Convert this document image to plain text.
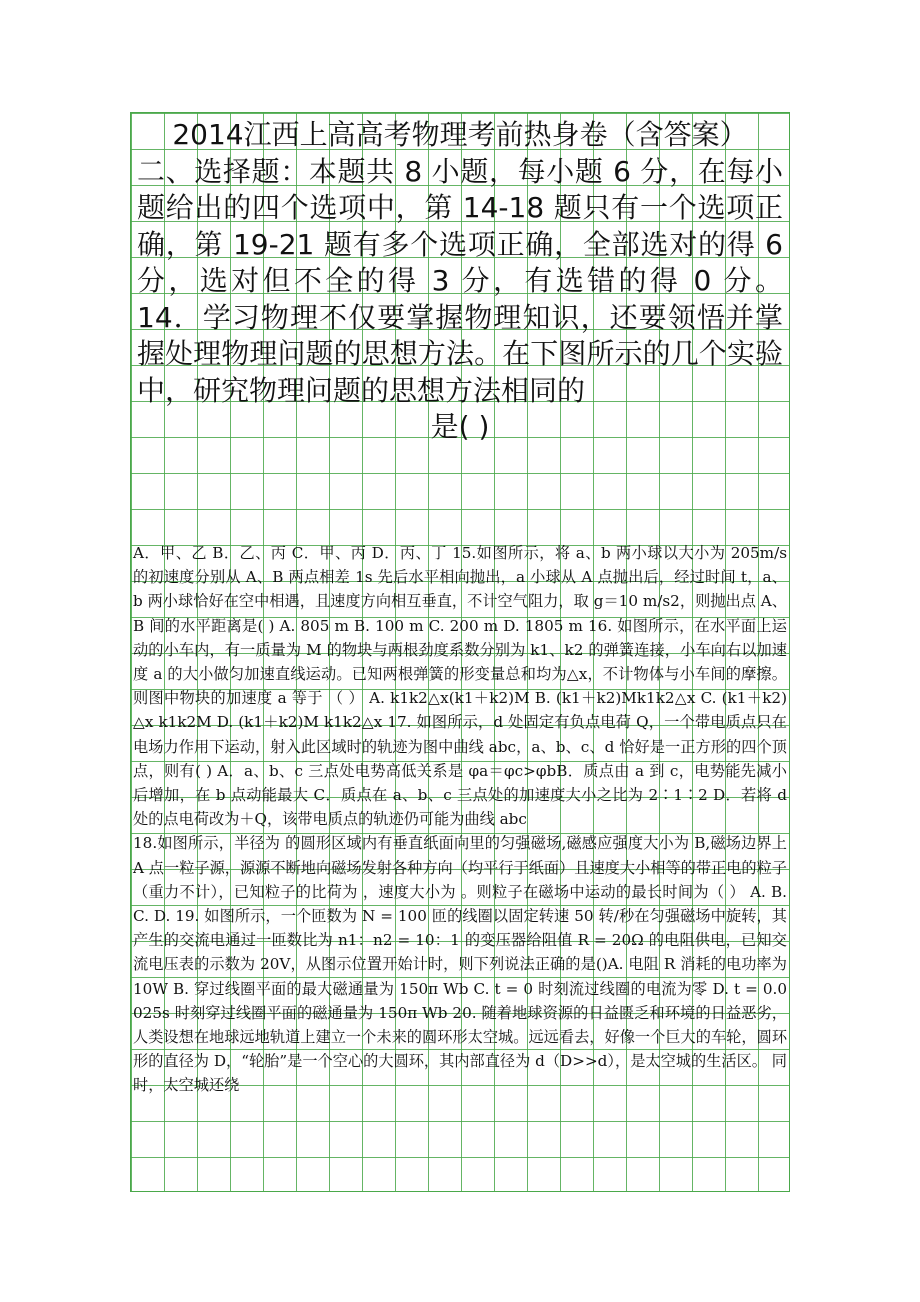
2014江西上高高考物理考前热身卷（含答案）
二、选择题：本题共 8 小题，每小题 6 分，在每小题给出的四个选项中，第 14-18 题只有一个选项正确，第 19-21 题有多个选项正确，全部选对的得 6 分，选对但不全的得 3 分，有选错的得 0 分。 14．学习物理不仅要掌握物理知识，还要领悟并掌握处理物理问题的思想方法。在下图所示的几个实验中，研究物理问题的思想方法相同的
是( )

A．甲、乙 B．乙、丙 C．甲、丙 D．丙、丁 15.如图所示，将 a、b 两小球以大小为 205m/s 的初速度分别从 A、B 两点相差 1s 先后水平相向抛出，a 小球从 A 点抛出后，经过时间 t，a、b 两小球恰好在空中相遇，且速度方向相互垂直，不计空气阻力，取 g＝10 m/s2，则抛出点 A、B 间的水平距离是( ) A. 805 m B. 100 m C. 200 m D. 1805 m 16. 如图所示，在水平面上运动的小车内，有一质量为 M 的物块与两根劲度系数分别为 k1、k2 的弹簧连接，小车向右以加速度 a 的大小做匀加速直线运动。已知两根弹簧的形变量总和均为△x，不计物体与小车间的摩擦。则图中物块的加速度 a 等于 （ ） A. k1k2△x(k1＋k2)M B. (k1＋k2)Mk1k2△x C. (k1＋k2)△x k1k2M D. (k1＋k2)M k1k2△x 17. 如图所示，d 处固定有负点电荷 Q，一个带电质点只在电场力作用下运动，射入此区域时的轨迹为图中曲线 abc，a、b、c、d 恰好是一正方形的四个顶点，则有( ) A．a、b、c 三点处电势高低关系是 φa＝φc>φbB．质点由 a 到 c，电势能先减小后增加，在 b 点动能最大 C．质点在 a、b、c 三点处的加速度大小之比为 2∶1∶2 D．若将 d 处的点电荷改为＋Q，该带电质点的轨迹仍可能为曲线 abc

18.如图所示，半径为 的圆形区域内有垂直纸面向里的匀强磁场,磁感应强度大小为 B,磁场边界上 A 点一粒子源，源源不断地向磁场发射各种方向（均平行于纸面）且速度大小相等的带正电的粒子（重力不计），已知粒子的比荷为 ，速度大小为 。则粒子在磁场中运动的最长时间为（ ） A. B. C. D. 19. 如图所示，一个匝数为 N = 100 匝的线圈以固定转速 50 转/秒在匀强磁场中旋转，其产生的交流电通过一匝数比为 n1：n2 = 10：1 的变压器给阻值 R = 20Ω 的电阻供电，已知交流电压表的示数为 20V，从图示位置开始计时，则下列说法正确的是()A. 电阻 R 消耗的电功率为 10W B. 穿过线圈平面的最大磁通量为 150π Wb C. t = 0 时刻流过线圈的电流为零 D. t = 0.0025s 时刻穿过线圈平面的磁通量为 150π Wb 20. 随着地球资源的日益匮乏和环境的日益恶劣，人类设想在地球远地轨道上建立一个未来的圆环形太空城。远远看去，好像一个巨大的车轮，圆环形的直径为 D，“轮胎”是一个空心的大圆环，其内部直径为 d（D>>d），是太空城的生活区。 同时，太空城还绕
